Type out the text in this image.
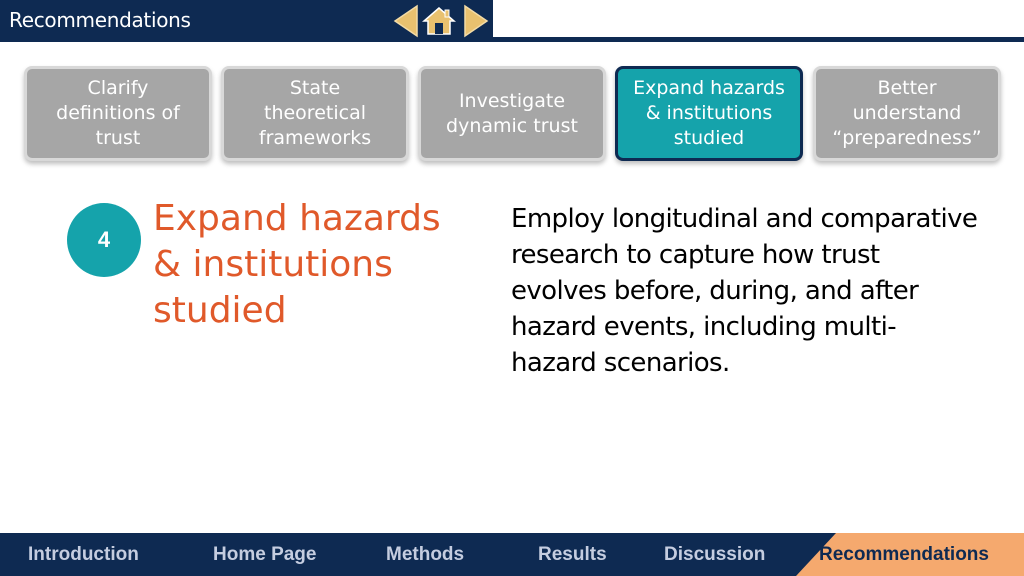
Recommendations
Clarify
definitions of
trust
State
theoretical
frameworks
Investigate
dynamic trust
Expand hazards
& institutions
studied
Better
understand
“preparedness”
4
Expand hazards
& institutions
studied
Employ longitudinal and comparative research to capture how trust evolves before, during, and after hazard events, including multi-hazard scenarios.
Introduction	Home Page	Methods	Results	Discussion	Recommendations
